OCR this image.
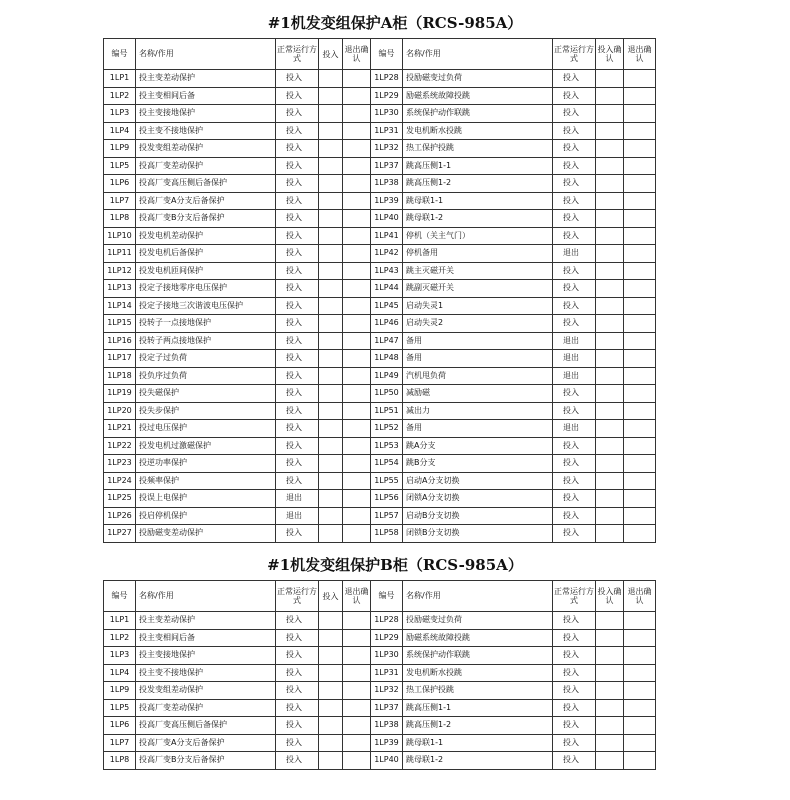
#1机发变组保护A柜（RCS-985A）
编号	名称/作用	正常运行方式	投入	退出确认	编号	名称/作用	正常运行方式	投入确认	退出确认
1LP1	投主变差动保护	投入			1LP28	投励磁变过负荷	投入		
1LP2	投主变相间后备	投入			1LP29	励磁系统故障投跳	投入		
1LP3	投主变接地保护	投入			1LP30	系统保护动作联跳	投入		
1LP4	投主变不接地保护	投入			1LP31	发电机断水投跳	投入		
1LP9	投发变组差动保护	投入			1LP32	热工保护投跳	投入		
1LP5	投高厂变差动保护	投入			1LP37	跳高压侧1-1	投入		
1LP6	投高厂变高压侧后备保护	投入			1LP38	跳高压侧1-2	投入		
1LP7	投高厂变A分支后备保护	投入			1LP39	跳母联1-1	投入		
1LP8	投高厂变B分支后备保护	投入			1LP40	跳母联1-2	投入		
1LP10	投发电机差动保护	投入			1LP41	停机（关主气门）	投入		
1LP11	投发电机后备保护	投入			1LP42	停机备用	退出		
1LP12	投发电机匝间保护	投入			1LP43	跳主灭磁开关	投入		
1LP13	投定子接地零序电压保护	投入			1LP44	跳副灭磁开关	投入		
1LP14	投定子接地三次谐波电压保护	投入			1LP45	启动失灵1	投入		
1LP15	投转子一点接地保护	投入			1LP46	启动失灵2	投入		
1LP16	投转子两点接地保护	投入			1LP47	备用	退出		
1LP17	投定子过负荷	投入			1LP48	备用	退出		
1LP18	投负序过负荷	投入			1LP49	汽机甩负荷	退出		
1LP19	投失磁保护	投入			1LP50	减励磁	投入		
1LP20	投失步保护	投入			1LP51	减出力	投入		
1LP21	投过电压保护	投入			1LP52	备用	退出		
1LP22	投发电机过激磁保护	投入			1LP53	跳A分支	投入		
1LP23	投逆功率保护	投入			1LP54	跳B分支	投入		
1LP24	投频率保护	投入			1LP55	启动A分支切换	投入		
1LP25	投误上电保护	退出			1LP56	闭锁A分支切换	投入		
1LP26	投启停机保护	退出			1LP57	启动B分支切换	投入		
1LP27	投励磁变差动保护	投入			1LP58	闭锁B分支切换	投入		
#1机发变组保护B柜（RCS-985A）
编号	名称/作用	正常运行方式	投入	退出确认	编号	名称/作用	正常运行方式	投入确认	退出确认
1LP1	投主变差动保护	投入			1LP28	投励磁变过负荷	投入		
1LP2	投主变相间后备	投入			1LP29	励磁系统故障投跳	投入		
1LP3	投主变接地保护	投入			1LP30	系统保护动作联跳	投入		
1LP4	投主变不接地保护	投入			1LP31	发电机断水投跳	投入		
1LP9	投发变组差动保护	投入			1LP32	热工保护投跳	投入		
1LP5	投高厂变差动保护	投入			1LP37	跳高压侧1-1	投入		
1LP6	投高厂变高压侧后备保护	投入			1LP38	跳高压侧1-2	投入		
1LP7	投高厂变A分支后备保护	投入			1LP39	跳母联1-1	投入		
1LP8	投高厂变B分支后备保护	投入			1LP40	跳母联1-2	投入		
